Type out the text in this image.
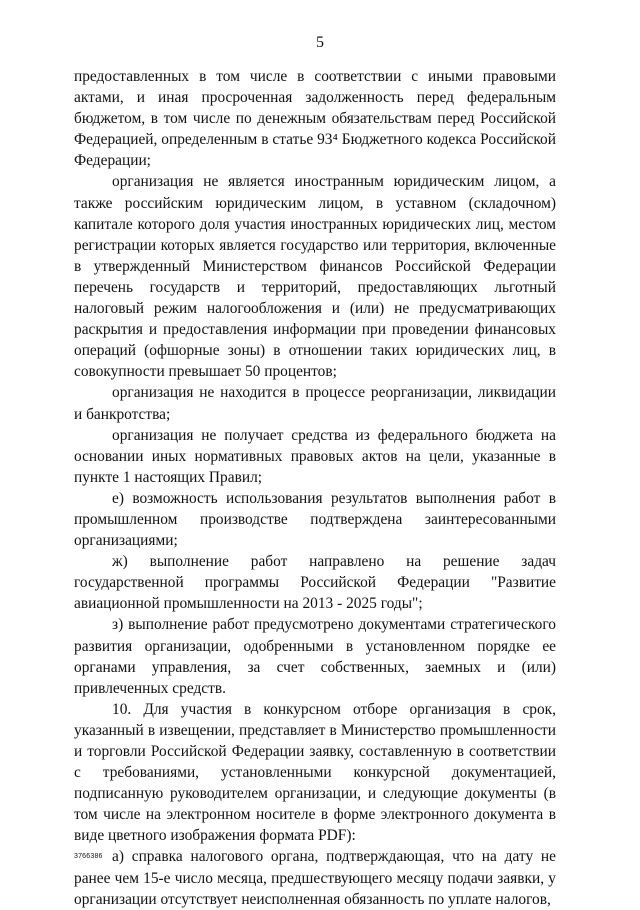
5

предоставленных в том числе в соответствии с иными правовыми актами, и иная просроченная задолженность перед федеральным бюджетом, в том числе по денежным обязательствам перед Российской Федерацией, определенным в статье 93⁴ Бюджетного кодекса Российской Федерации;

организация не является иностранным юридическим лицом, а также российским юридическим лицом, в уставном (складочном) капитале которого доля участия иностранных юридических лиц, местом регистрации которых является государство или территория, включенные в утвержденный Министерством финансов Российской Федерации перечень государств и территорий, предоставляющих льготный налоговый режим налогообложения и (или) не предусматривающих раскрытия и предоставления информации при проведении финансовых операций (офшорные зоны) в отношении таких юридических лиц, в совокупности превышает 50 процентов;

организация не находится в процессе реорганизации, ликвидации и банкротства;

организация не получает средства из федерального бюджета на основании иных нормативных правовых актов на цели, указанные в пункте 1 настоящих Правил;

е) возможность использования результатов выполнения работ в промышленном производстве подтверждена заинтересованными организациями;

ж) выполнение работ направлено на решение задач государственной программы Российской Федерации "Развитие авиационной промышленности на 2013 - 2025 годы";

з) выполнение работ предусмотрено документами стратегического развития организации, одобренными в установленном порядке ее органами управления, за счет собственных, заемных и (или) привлеченных средств.

10. Для участия в конкурсном отборе организация в срок, указанный в извещении, представляет в Министерство промышленности и торговли Российской Федерации заявку, составленную в соответствии с требованиями, установленными конкурсной документацией, подписанную руководителем организации, и следующие документы (в том числе на электронном носителе в форме электронного документа в виде цветного изображения формата PDF):

а) справка налогового органа, подтверждающая, что на дату не ранее чем 15-е число месяца, предшествующего месяцу подачи заявки, у организации отсутствует неисполненная обязанность по уплате налогов,

3766386
